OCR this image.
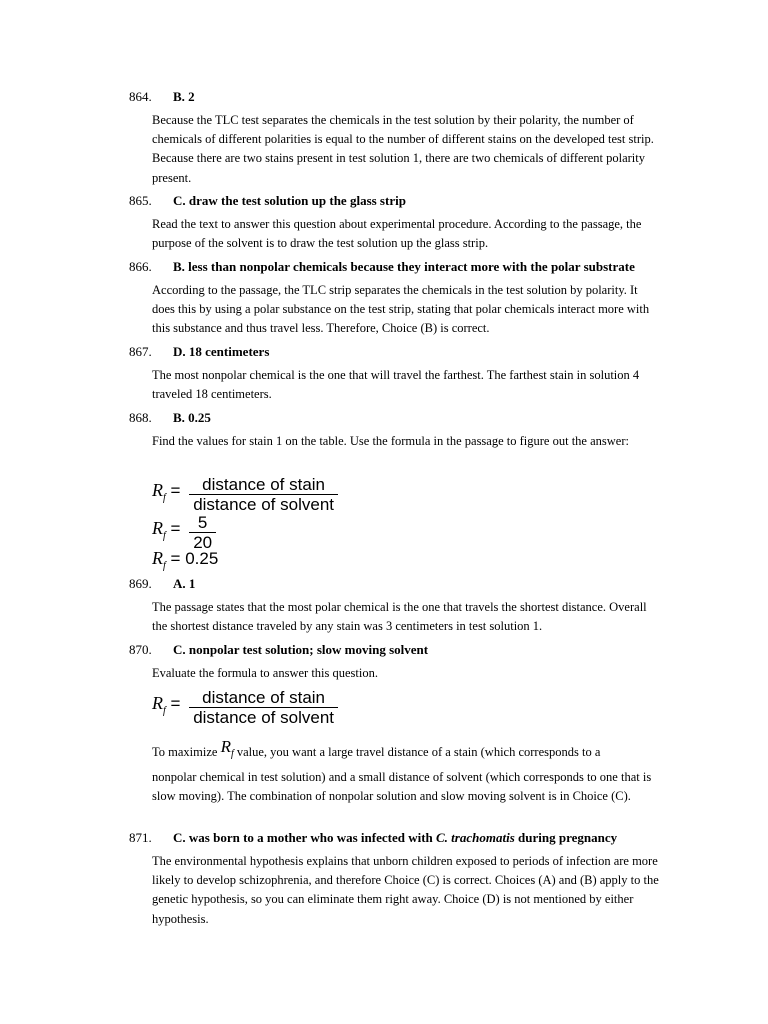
864. B. 2
Because the TLC test separates the chemicals in the test solution by their polarity, the number of chemicals of different polarities is equal to the number of different stains on the developed test strip. Because there are two stains present in test solution 1, there are two chemicals of different polarity present.
865. C. draw the test solution up the glass strip
Read the text to answer this question about experimental procedure. According to the passage, the purpose of the solvent is to draw the test solution up the glass strip.
866. B. less than nonpolar chemicals because they interact more with the polar substrate
According to the passage, the TLC strip separates the chemicals in the test solution by polarity. It does this by using a polar substance on the test strip, stating that polar chemicals interact more with this substance and thus travel less. Therefore, Choice (B) is correct.
867. D. 18 centimeters
The most nonpolar chemical is the one that will travel the farthest. The farthest stain in solution 4 traveled 18 centimeters.
868. B. 0.25
Find the values for stain 1 on the table. Use the formula in the passage to figure out the answer:
$R_f = \frac{\text{distance of stain}}{\text{distance of solvent}}$
$R_f = \frac{5}{20}$
$R_f = 0.25$
869. A. 1
The passage states that the most polar chemical is the one that travels the shortest distance. Overall the shortest distance traveled by any stain was 3 centimeters in test solution 1.
870. C. nonpolar test solution; slow moving solvent
Evaluate the formula to answer this question.
$R_f = \frac{\text{distance of stain}}{\text{distance of solvent}}$
To maximize $R_f$ value, you want a large travel distance of a stain (which corresponds to a
nonpolar chemical in test solution) and a small distance of solvent (which corresponds to one that is slow moving). The combination of nonpolar solution and slow moving solvent is in Choice (C).
871. C. was born to a mother who was infected with C. trachomatis during pregnancy
The environmental hypothesis explains that unborn children exposed to periods of infection are more likely to develop schizophrenia, and therefore Choice (C) is correct. Choices (A) and (B) apply to the genetic hypothesis, so you can eliminate them right away. Choice (D) is not mentioned by either hypothesis.
